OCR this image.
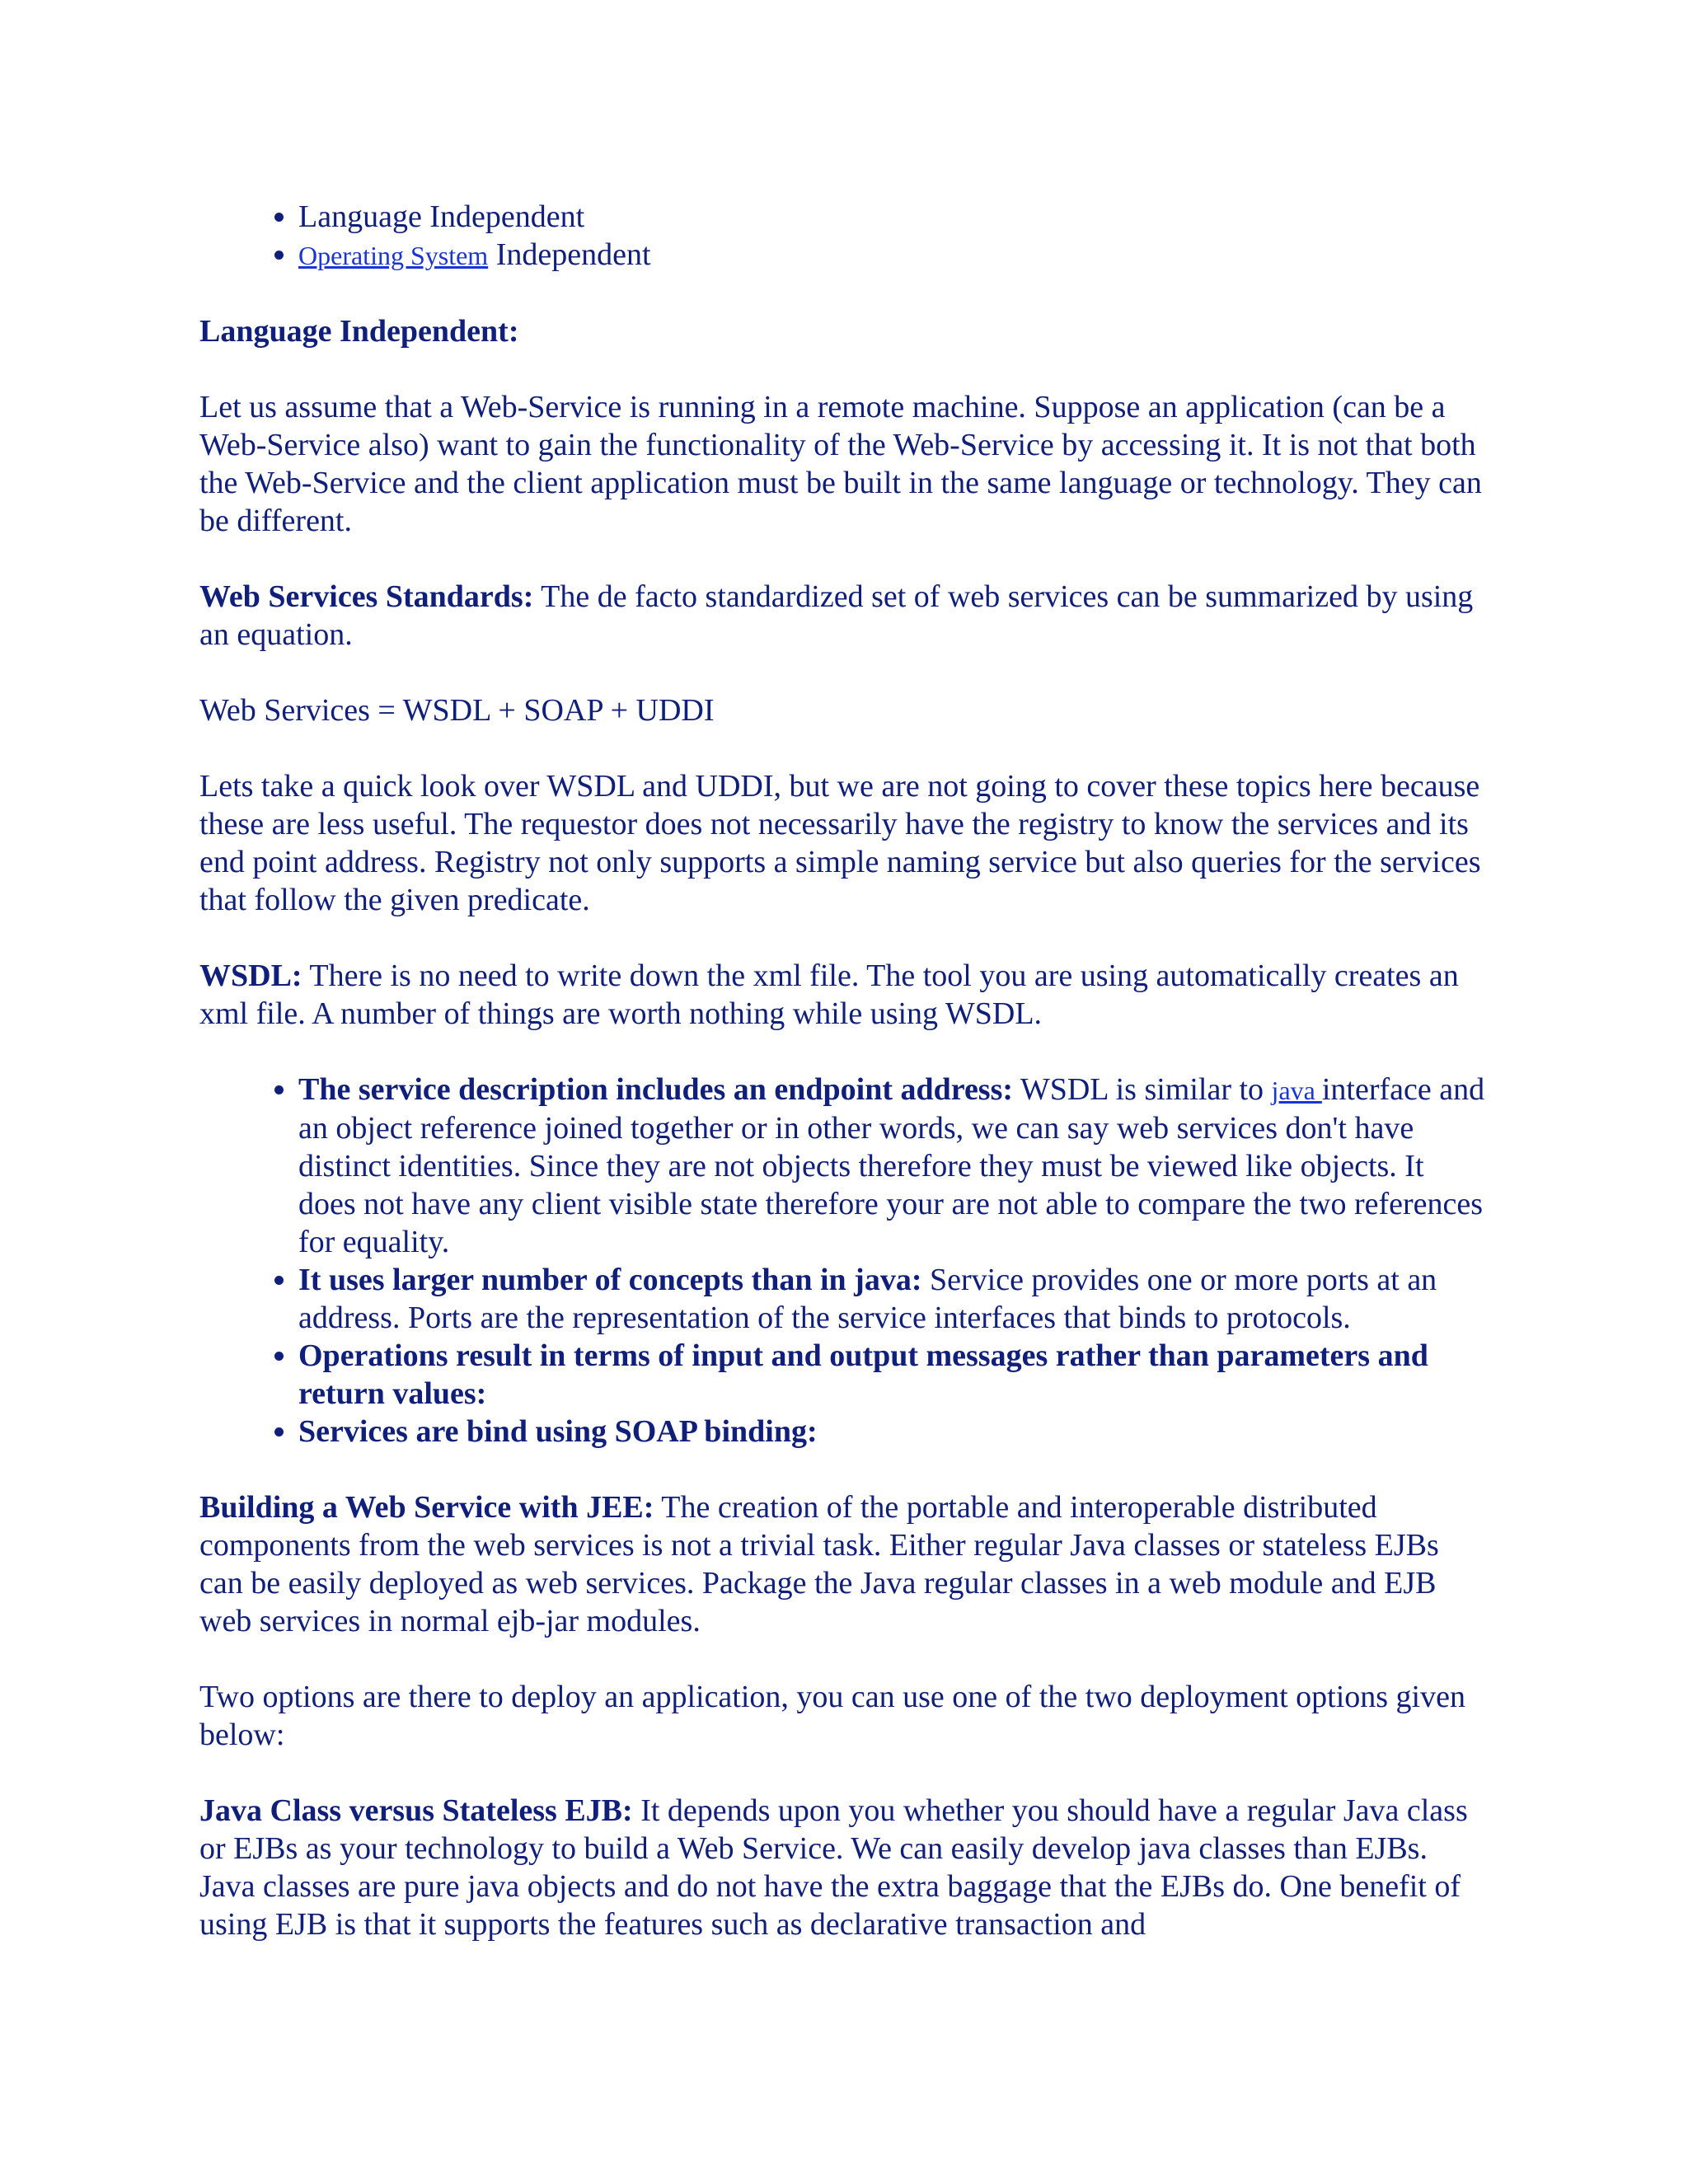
• Language Independent
• Operating System Independent

Language Independent:

Let us assume that a Web-Service is running in a remote machine. Suppose an application (can be a Web-Service also) want to gain the functionality of the Web-Service by accessing it. It is not that both the Web-Service and the client application must be built in the same language or technology. They can be different.

Web Services Standards: The de facto standardized set of web services can be summarized by using an equation.

Web Services = WSDL + SOAP + UDDI

Lets take a quick look over WSDL and UDDI, but we are not going to cover these topics here because these are less useful. The requestor does not necessarily have the registry to know the services and its end point address. Registry not only supports a simple naming service but also queries for the services that follow the given predicate.

WSDL: There is no need to write down the xml file. The tool you are using automatically creates an xml file. A number of things are worth nothing while using WSDL.

• The service description includes an endpoint address: WSDL is similar to java interface and an object reference joined together or in other words, we can say web services don't have distinct identities. Since they are not objects therefore they must be viewed like objects. It does not have any client visible state therefore your are not able to compare the two references for equality.
• It uses larger number of concepts than in java: Service provides one or more ports at an address. Ports are the representation of the service interfaces that binds to protocols.
• Operations result in terms of input and output messages rather than parameters and return values:
• Services are bind using SOAP binding:

Building a Web Service with JEE: The creation of the portable and interoperable distributed components from the web services is not a trivial task. Either regular Java classes or stateless EJBs can be easily deployed as web services. Package the Java regular classes in a web module and EJB web services in normal ejb-jar modules.

Two options are there to deploy an application, you can use one of the two deployment options given below:

Java Class versus Stateless EJB: It depends upon you whether you should have a regular Java class or EJBs as your technology to build a Web Service. We can easily develop java classes than EJBs. Java classes are pure java objects and do not have the extra baggage that the EJBs do. One benefit of using EJB is that it supports the features such as declarative transaction and
